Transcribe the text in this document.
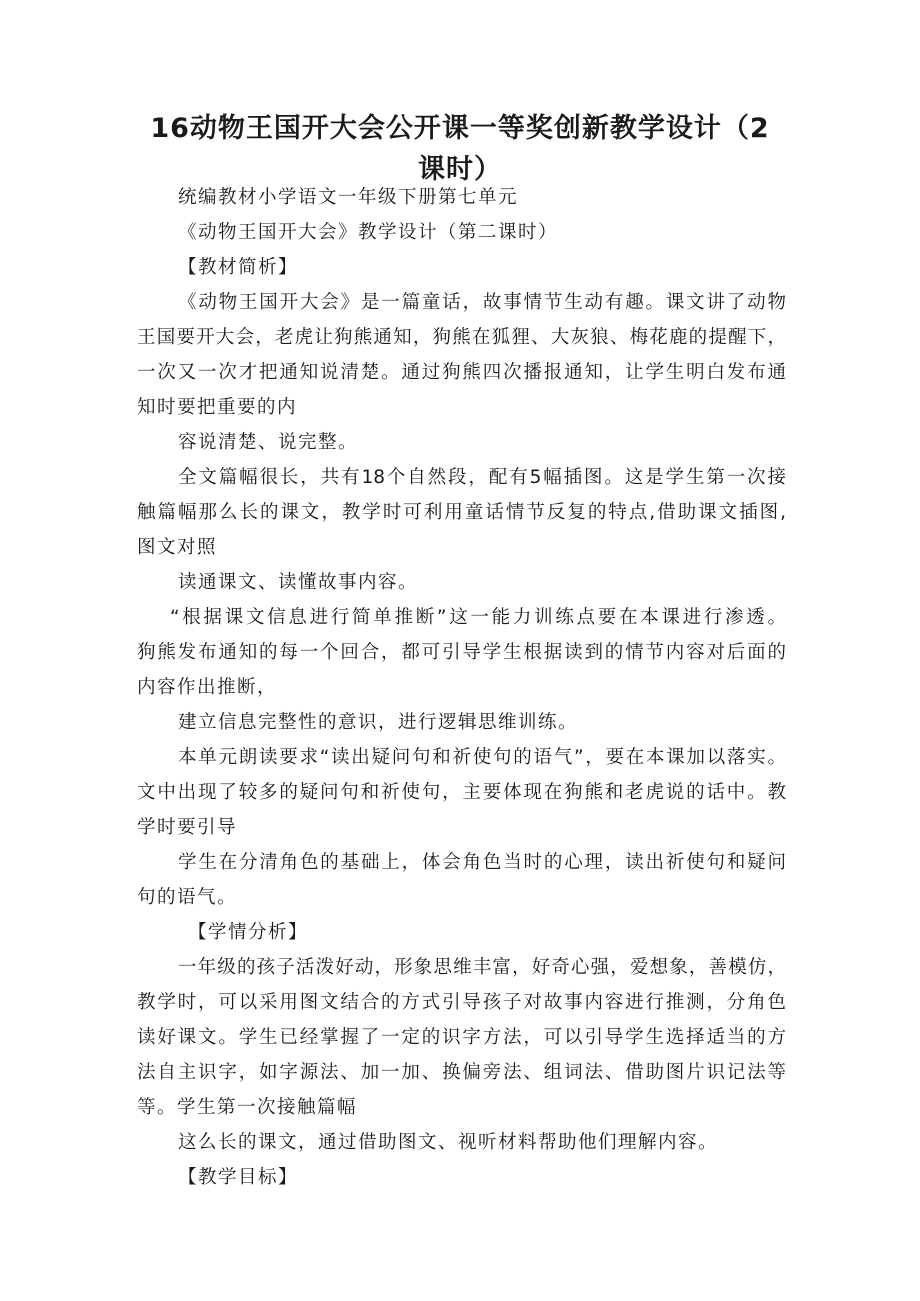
16动物王国开大会公开课一等奖创新教学设计（2课时）
统编教材小学语文一年级下册第七单元
《动物王国开大会》教学设计（第二课时）
【教材简析】
《动物王国开大会》是一篇童话，故事情节生动有趣。课文讲了动物
王国要开大会，老虎让狗熊通知，狗熊在狐狸、大灰狼、梅花鹿的提醒下，
一次又一次才把通知说清楚。通过狗熊四次播报通知，让学生明白发布通
知时要把重要的内
容说清楚、说完整。
全文篇幅很长，共有18个自然段，配有5幅插图。这是学生第一次接
触篇幅那么长的课文，教学时可利用童话情节反复的特点,借助课文插图,
图文对照
读通课文、读懂故事内容。
“根据课文信息进行简单推断”这一能力训练点要在本课进行渗透。
狗熊发布通知的每一个回合，都可引导学生根据读到的情节内容对后面的
内容作出推断，
建立信息完整性的意识，进行逻辑思维训练。
本单元朗读要求“读出疑问句和祈使句的语气”，要在本课加以落实。
文中出现了较多的疑问句和祈使句，主要体现在狗熊和老虎说的话中。教
学时要引导
学生在分清角色的基础上，体会角色当时的心理，读出祈使句和疑问
句的语气。
【学情分析】
一年级的孩子活泼好动，形象思维丰富，好奇心强，爱想象，善模仿，
教学时，可以采用图文结合的方式引导孩子对故事内容进行推测，分角色
读好课文。学生已经掌握了一定的识字方法，可以引导学生选择适当的方
法自主识字，如字源法、加一加、换偏旁法、组词法、借助图片识记法等
等。学生第一次接触篇幅
这么长的课文，通过借助图文、视听材料帮助他们理解内容。
【教学目标】
